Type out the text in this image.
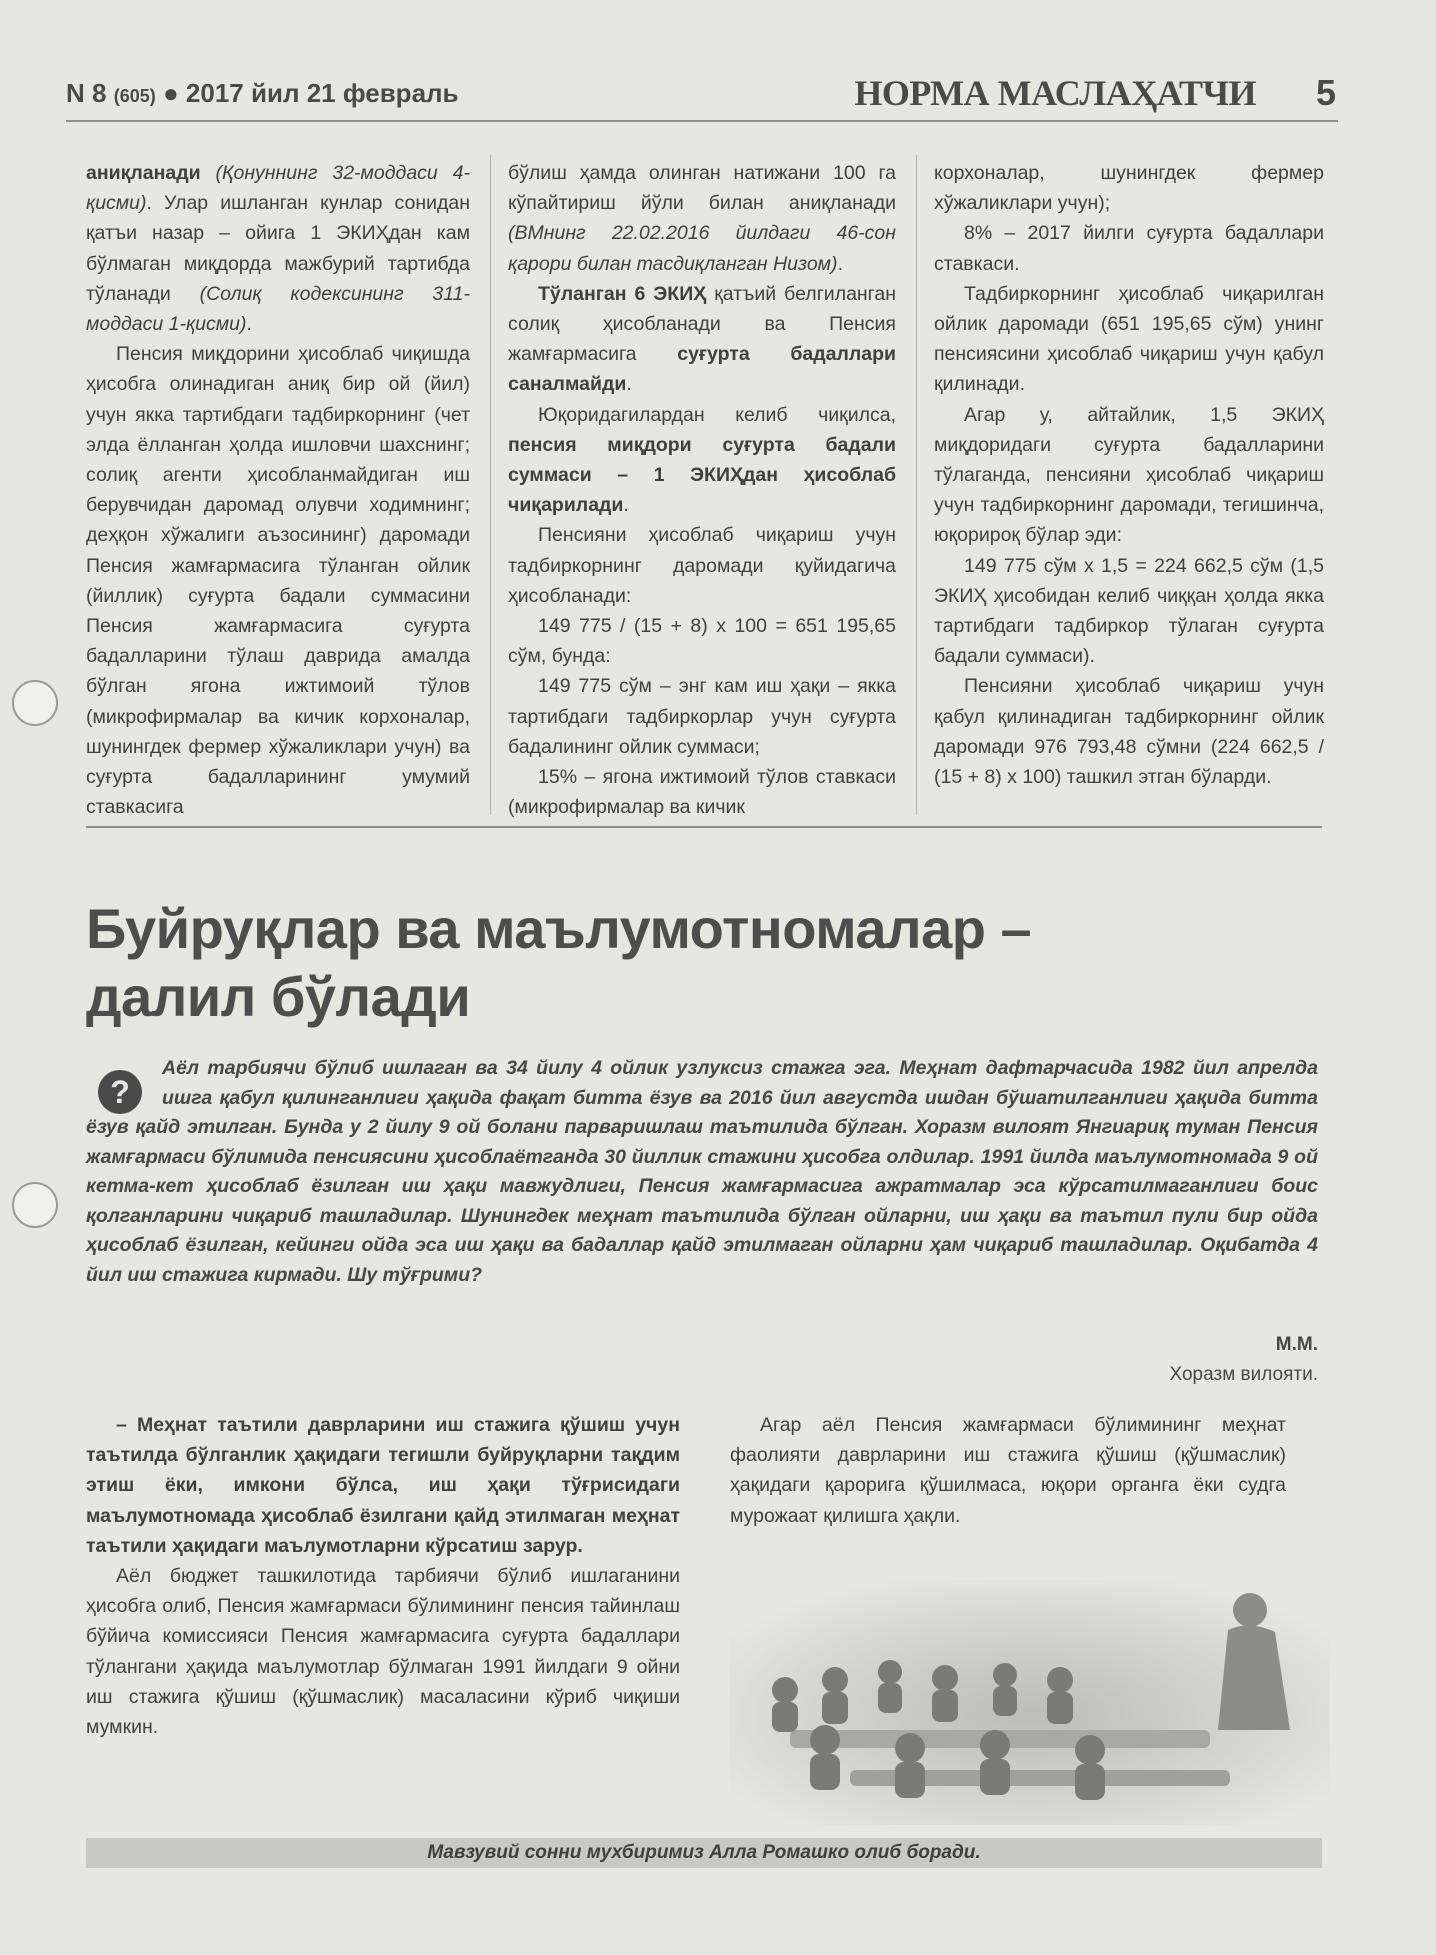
N 8 (605) ● 2017 йил 21 февраль	НОРМА МАСЛАҲАТЧИ 5

аниқланади (Қонуннинг 32-моддаси 4-қисми). Улар ишланган кунлар сонидан қатъи назар – ойига 1 ЭКИҲдан кам бўлмаган миқдорда мажбурий тартибда тўланади (Солиқ кодексининг 311-моддаси 1-қисми).

Пенсия миқдорини ҳисоблаб чиқишда ҳисобга олинадиган аниқ бир ой (йил) учун якка тартибдаги тадбиркорнинг (чет элда ёлланган ҳолда ишловчи шахснинг; солиқ агенти ҳисобланмайдиган иш берувчидан даромад олувчи ходимнинг; деҳқон хўжалиги аъзосининг) даромади Пенсия жамғармасига тўланган ойлик (йиллик) суғурта бадали суммасини Пенсия жамғармасига суғурта бадалларини тўлаш даврида амалда бўлган ягона ижтимоий тўлов (микрофирмалар ва кичик корхоналар, шунингдек фермер хўжаликлари учун) ва суғурта бадалларининг умумий ставкасига

бўлиш ҳамда олинган натижани 100 га кўпайтириш йўли билан аниқланади (ВМнинг 22.02.2016 йилдаги 46-сон қарори билан тасдиқланган Низом).

Тўланган 6 ЭКИҲ қатъий белгиланган солиқ ҳисобланади ва Пенсия жамғармасига суғурта бадаллари саналмайди.

Юқоридагилардан келиб чиқилса, пенсия миқдори суғурта бадали суммаси – 1 ЭКИҲдан ҳисоблаб чиқарилади.

Пенсияни ҳисоблаб чиқариш учун тадбиркорнинг даромади қуйидагича ҳисобланади:

149 775 / (15 + 8) х 100 = 651 195,65 сўм, бунда:

149 775 сўм – энг кам иш ҳақи – якка тартибдаги тадбиркорлар учун суғурта бадалининг ойлик суммаси;

15% – ягона ижтимоий тўлов ставкаси (микрофирмалар ва кичик

корхоналар, шунингдек фермер хўжаликлари учун);

8% – 2017 йилги суғурта бадаллари ставкаси.

Тадбиркорнинг ҳисоблаб чиқарилган ойлик даромади (651 195,65 сўм) унинг пенсиясини ҳисоблаб чиқариш учун қабул қилинади.

Агар у, айтайлик, 1,5 ЭКИҲ миқдоридаги суғурта бадалларини тўлаганда, пенсияни ҳисоблаб чиқариш учун тадбиркорнинг даромади, тегишинча, юқорироқ бўлар эди:

149 775 сўм х 1,5 = 224 662,5 сўм (1,5 ЭКИҲ ҳисобидан келиб чиққан ҳолда якка тартибдаги тадбиркор тўлаган суғурта бадали суммаси).

Пенсияни ҳисоблаб чиқариш учун қабул қилинадиган тадбиркорнинг ойлик даромади 976 793,48 сўмни (224 662,5 / (15 + 8) х 100) ташкил этган бўларди.

Буйруқлар ва маълумотномалар –
далил бўлади
?
Аёл тарбиячи бўлиб ишлаган ва 34 йилу 4 ойлик узлуксиз стажга эга. Меҳнат дафтарчасида 1982 йил апрелда ишга қабул қилинганлиги ҳақида фақат битта ёзув ва 2016 йил августда ишдан бўшатилганлиги ҳақида битта ёзув қайд этилган. Бунда у 2 йилу 9 ой болани парваришлаш таътилида бўлган. Хоразм вилоят Янгиариқ туман Пенсия жамғармаси бўлимида пенсиясини ҳисоблаётганда 30 йиллик стажини ҳисобга олдилар. 1991 йилда маълумотномада 9 ой кетма-кет ҳисоблаб ёзилган иш ҳақи мавжудлиги, Пенсия жамғармасига ажратмалар эса кўрсатилмаганлиги боис қолганларини чиқариб ташладилар. Шунингдек меҳнат таътилида бўлган ойларни, иш ҳақи ва таътил пули бир ойда ҳисоблаб ёзилган, кейинги ойда эса иш ҳақи ва бадаллар қайд этилмаган ойларни ҳам чиқариб ташладилар. Оқибатда 4 йил иш стажига кирмади. Шу тўғрими?
М.М.
Хоразм вилояти.

– Меҳнат таътили даврларини иш стажига қўшиш учун таътилда бўлганлик ҳақидаги тегишли буйруқларни тақдим этиш ёки, имкони бўлса, иш ҳақи тўғрисидаги маълумотномада ҳисоблаб ёзилгани қайд этилмаган меҳнат таътили ҳақидаги маълумотларни кўрсатиш зарур.

Аёл бюджет ташкилотида тарбиячи бўлиб ишлаганини ҳисобга олиб, Пенсия жамғармаси бўлимининг пенсия тайинлаш бўйича комиссияси Пенсия жамғармасига суғурта бадаллари тўлангани ҳақида маълумотлар бўлмаган 1991 йилдаги 9 ойни иш стажига қўшиш (қўшмаслик) масаласини кўриб чиқиши мумкин.

Агар аёл Пенсия жамғармаси бўлимининг меҳнат фаолияти даврларини иш стажига қўшиш (қўшмаслик) ҳақидаги қарорига қўшилмаса, юқори органга ёки судга мурожаат қилишга ҳақли.

Мавзувий сонни мухбиримиз Алла Ромашко олиб боради.
